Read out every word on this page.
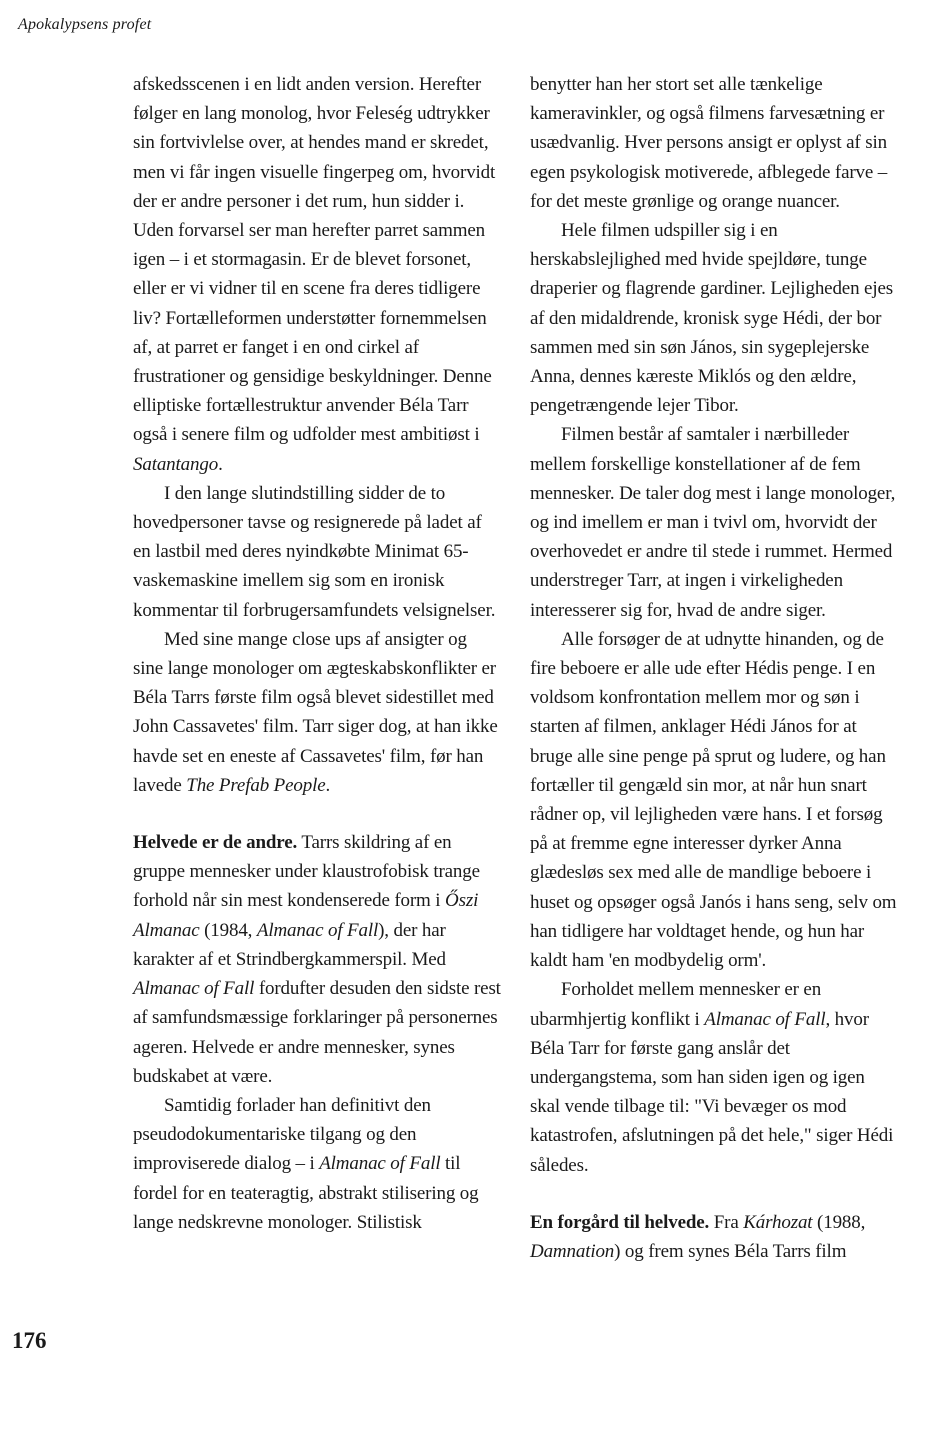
Apokalypsens profet

afskedsscenen i en lidt anden version. Herefter følger en lang monolog, hvor Feleség udtrykker sin fortvivlelse over, at hendes mand er skredet, men vi får ingen visuelle fingerpeg om, hvorvidt der er andre personer i det rum, hun sidder i. Uden forvarsel ser man herefter parret sammen igen – i et stormagasin. Er de blevet forsonet, eller er vi vidner til en scene fra deres tidligere liv? Fortælleformen understøtter fornemmelsen af, at parret er fanget i en ond cirkel af frustrationer og gensidige beskyldninger. Denne elliptiske fortællestruktur anvender Béla Tarr også i senere film og udfolder mest ambitiøst i Satantango.

I den lange slutindstilling sidder de to hovedpersoner tavse og resignerede på ladet af en lastbil med deres nyindkøbte Minimat 65-vaskemaskine imellem sig som en ironisk kommentar til forbrugersamfundets velsignelser.

Med sine mange close ups af ansigter og sine lange monologer om ægteskabskonflikter er Béla Tarrs første film også blevet sidestillet med John Cassavetes' film. Tarr siger dog, at han ikke havde set en eneste af Cassavetes' film, før han lavede The Prefab People.

Helvede er de andre. Tarrs skildring af en gruppe mennesker under klaustrofobisk trange forhold når sin mest kondenserede form i Őszi Almanac (1984, Almanac of Fall), der har karakter af et Strindbergkammerspil. Med Almanac of Fall fordufter desuden den sidste rest af samfundsmæssige forklaringer på personernes ageren. Helvede er andre mennesker, synes budskabet at være.

Samtidig forlader han definitivt den pseudodokumentariske tilgang og den improviserede dialog – i Almanac of Fall til fordel for en teateragtig, abstrakt stilisering og lange nedskrevne monologer. Stilistisk

benytter han her stort set alle tænkelige kameravinkler, og også filmens farvesætning er usædvanlig. Hver persons ansigt er oplyst af sin egen psykologisk motiverede, afblegede farve – for det meste grønlige og orange nuancer.

Hele filmen udspiller sig i en herskabslejlighed med hvide spejldøre, tunge draperier og flagrende gardiner. Lejligheden ejes af den midaldrende, kronisk syge Hédi, der bor sammen med sin søn János, sin sygeplejerske Anna, dennes kæreste Miklós og den ældre, pengetrængende lejer Tibor.

Filmen består af samtaler i nærbilleder mellem forskellige konstellationer af de fem mennesker. De taler dog mest i lange monologer, og ind imellem er man i tvivl om, hvorvidt der overhovedet er andre til stede i rummet. Hermed understreger Tarr, at ingen i virkeligheden interesserer sig for, hvad de andre siger.

Alle forsøger de at udnytte hinanden, og de fire beboere er alle ude efter Hédis penge. I en voldsom konfrontation mellem mor og søn i starten af filmen, anklager Hédi János for at bruge alle sine penge på sprut og ludere, og han fortæller til gengæld sin mor, at når hun snart rådner op, vil lejligheden være hans. I et forsøg på at fremme egne interesser dyrker Anna glædesløs sex med alle de mandlige beboere i huset og opsøger også Janós i hans seng, selv om han tidligere har voldtaget hende, og hun har kaldt ham 'en modbydelig orm'.

Forholdet mellem mennesker er en ubarmhjertig konflikt i Almanac of Fall, hvor Béla Tarr for første gang anslår det undergangstema, som han siden igen og igen skal vende tilbage til: "Vi bevæger os mod katastrofen, afslutningen på det hele," siger Hédi således.

En forgård til helvede. Fra Kárhozat (1988, Damnation) og frem synes Béla Tarrs film

176
